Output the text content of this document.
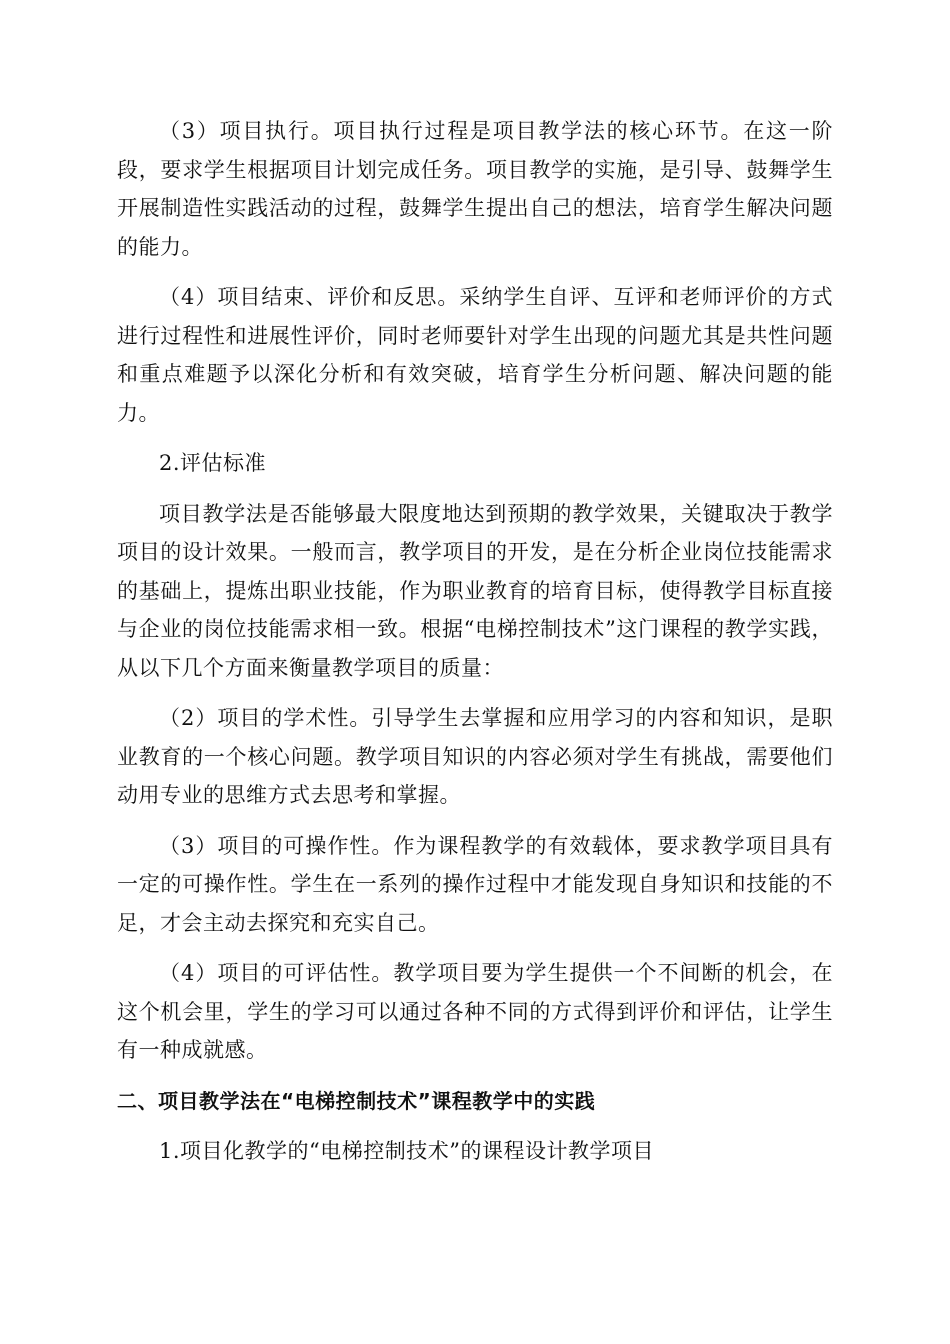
（3）项目执行。项目执行过程是项目教学法的核心环节。在这一阶段，要求学生根据项目计划完成任务。项目教学的实施，是引导、鼓舞学生开展制造性实践活动的过程，鼓舞学生提出自己的想法，培育学生解决问题的能力。

（4）项目结束、评价和反思。采纳学生自评、互评和老师评价的方式进行过程性和进展性评价，同时老师要针对学生出现的问题尤其是共性问题和重点难题予以深化分析和有效突破，培育学生分析问题、解决问题的能力。

2.评估标准

项目教学法是否能够最大限度地达到预期的教学效果，关键取决于教学项目的设计效果。一般而言，教学项目的开发，是在分析企业岗位技能需求的基础上，提炼出职业技能，作为职业教育的培育目标，使得教学目标直接与企业的岗位技能需求相一致。根据“电梯控制技术”这门课程的教学实践，从以下几个方面来衡量教学项目的质量：

（2）项目的学术性。引导学生去掌握和应用学习的内容和知识，是职业教育的一个核心问题。教学项目知识的内容必须对学生有挑战，需要他们动用专业的思维方式去思考和掌握。

（3）项目的可操作性。作为课程教学的有效载体，要求教学项目具有一定的可操作性。学生在一系列的操作过程中才能发现自身知识和技能的不足，才会主动去探究和充实自己。

（4）项目的可评估性。教学项目要为学生提供一个不间断的机会，在这个机会里，学生的学习可以通过各种不同的方式得到评价和评估，让学生有一种成就感。

二、项目教学法在“电梯控制技术”课程教学中的实践

1.项目化教学的“电梯控制技术”的课程设计教学项目
